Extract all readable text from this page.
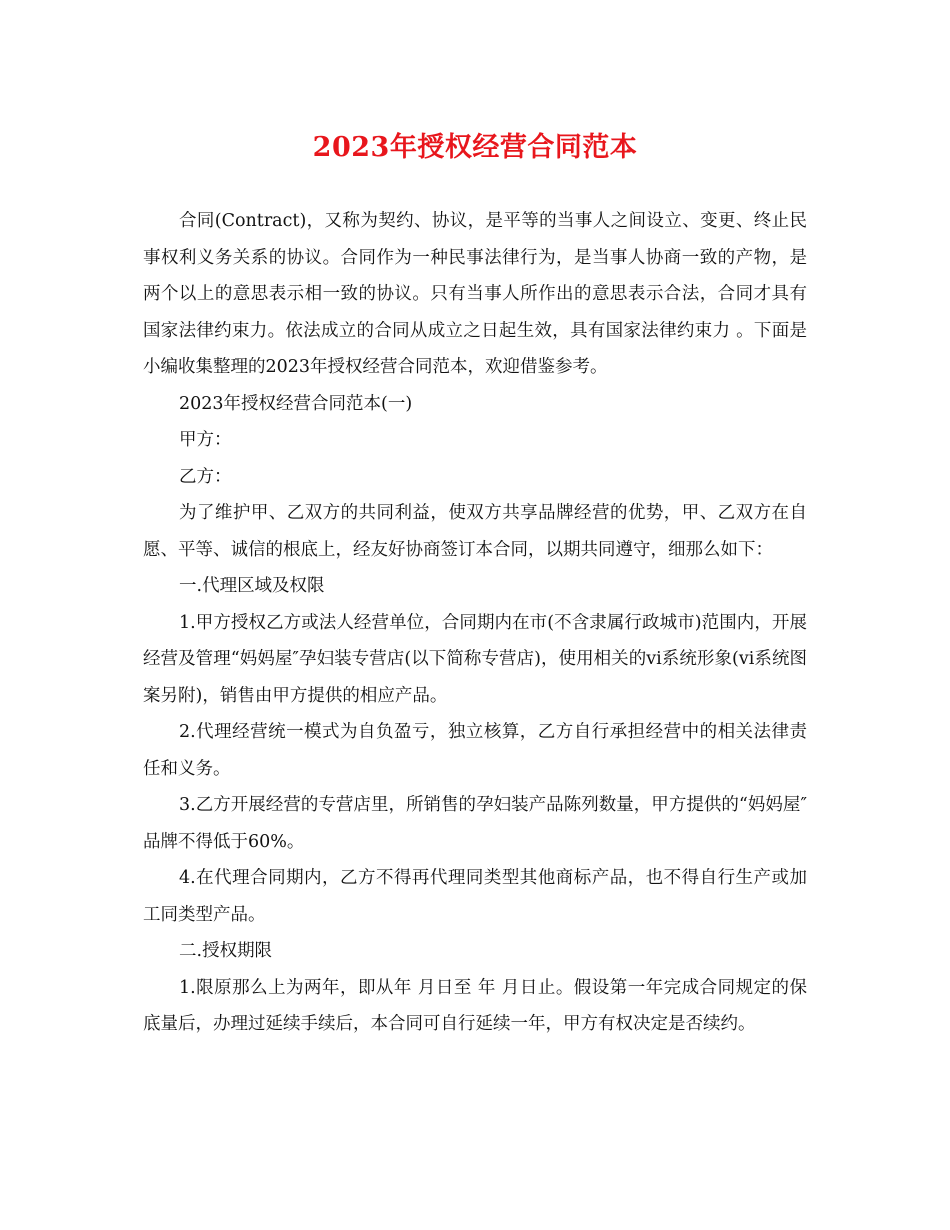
2023年授权经营合同范本

合同(Contract)，又称为契约、协议，是平等的当事人之间设立、变更、终止民事权利义务关系的协议。合同作为一种民事法律行为，是当事人协商一致的产物，是两个以上的意思表示相一致的协议。只有当事人所作出的意思表示合法，合同才具有国家法律约束力。依法成立的合同从成立之日起生效，具有国家法律约束力 。下面是小编收集整理的2023年授权经营合同范本，欢迎借鉴参考。

2023年授权经营合同范本(一)

甲方：

乙方：

为了维护甲、乙双方的共同利益，使双方共享品牌经营的优势，甲、乙双方在自愿、平等、诚信的根底上，经友好协商签订本合同，以期共同遵守，细那么如下：

一.代理区域及权限

1.甲方授权乙方或法人经营单位，合同期内在市(不含隶属行政城市)范围内，开展经营及管理“妈妈屋″孕妇装专营店(以下简称专营店)，使用相关的vi系统形象(vi系统图案另附)，销售由甲方提供的相应产品。

2.代理经营统一模式为自负盈亏，独立核算，乙方自行承担经营中的相关法律责任和义务。

3.乙方开展经营的专营店里，所销售的孕妇装产品陈列数量，甲方提供的“妈妈屋″品牌不得低于60%。

4.在代理合同期内，乙方不得再代理同类型其他商标产品，也不得自行生产或加工同类型产品。

二.授权期限

1.限原那么上为两年，即从年 月日至 年 月日止。假设第一年完成合同规定的保底量后，办理过延续手续后，本合同可自行延续一年，甲方有权决定是否续约。
